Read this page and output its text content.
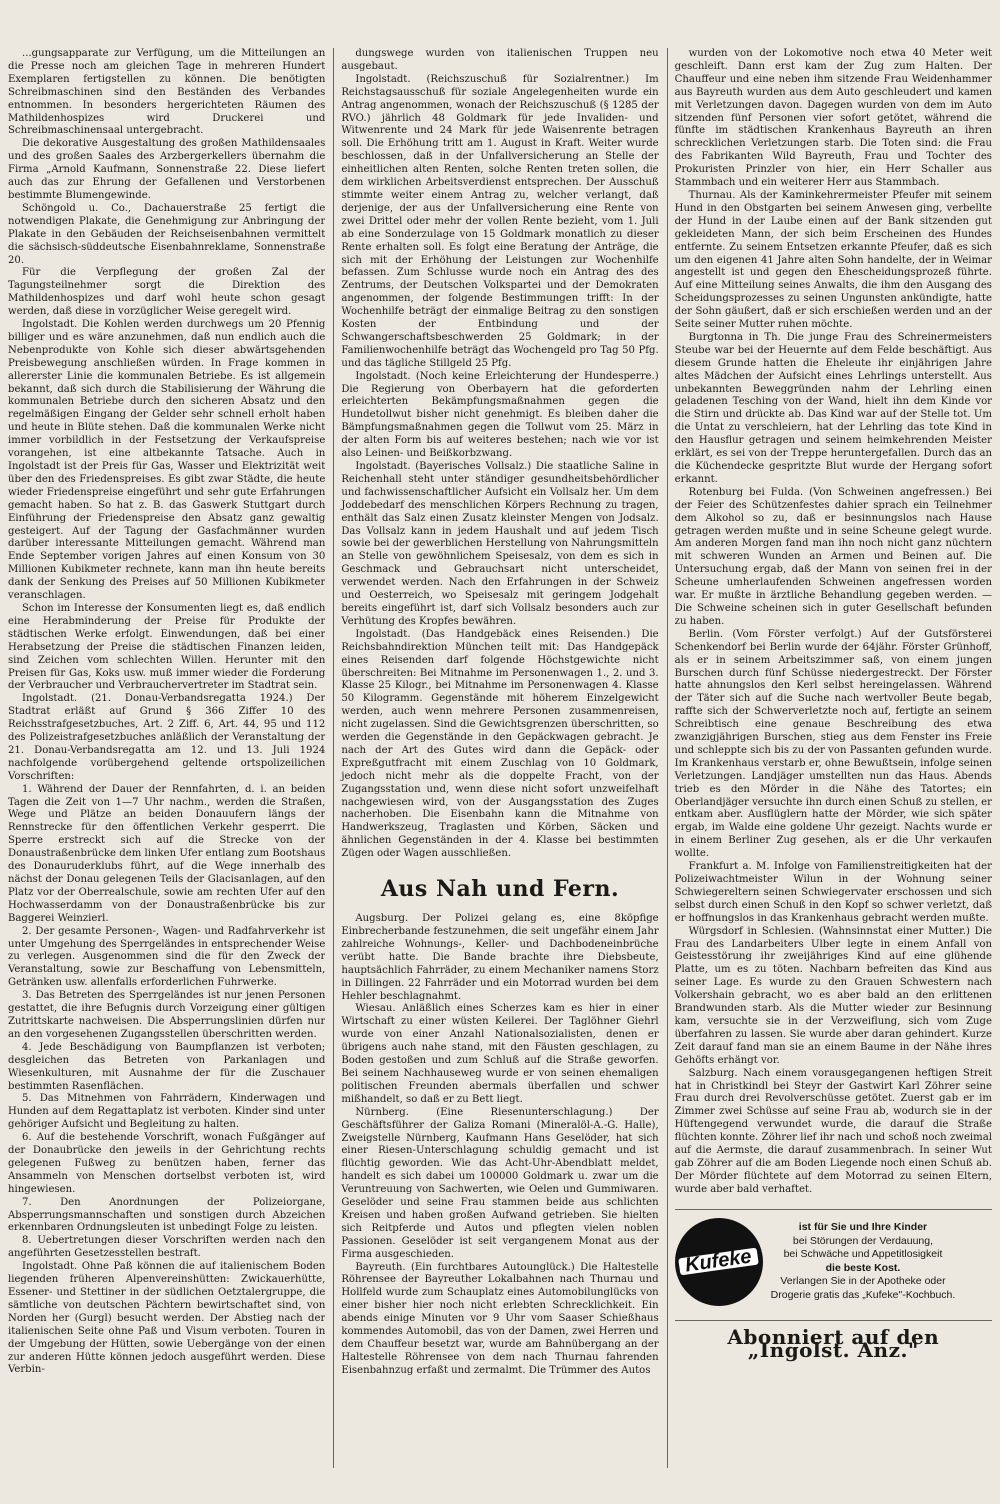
...gungsapparate zur Verfügung, um die Mitteilungen an die Presse noch am gleichen Tage in mehreren Hundert Exemplaren fertigstellen zu können. Die benötigten Schreibmaschinen sind den Beständen des Verbandes entnommen. In besonders hergerichteten Räumen des Mathildenhospizes wird Druckerei und Schreibmaschinensaal untergebracht.

Die dekorative Ausgestaltung des großen Mathildensaales und des großen Saales des Arzbergerkellers übernahm die Firma „Arnold Kaufmann, Sonnenstraße 22. Diese liefert auch das zur Ehrung der Gefallenen und Verstorbenen bestimmte Blumengewinde.

Schöngold u. Co., Dachauerstraße 25 fertigt die notwendigen Plakate, die Genehmigung zur Anbringung der Plakate in den Gebäuden der Reichseisenbahnen vermittelt die sächsisch-süddeutsche Eisenbahnreklame, Sonnenstraße 20.

Für die Verpflegung der großen Zal der Tagungsteilnehmer sorgt die Direktion des Mathildenhospizes und darf wohl heute schon gesagt werden, daß diese in vorzüglicher Weise geregelt wird.

Ingolstadt. Die Kohlen werden durchwegs um 20 Pfennig billiger und es wäre anzunehmen, daß nun endlich auch die Nebenprodukte von Kohle sich dieser abwärtsgehenden Preisbewegung anschließen würden. In Frage kommen in allererster Linie die kommunalen Betriebe. Es ist allgemein bekannt, daß sich durch die Stabilisierung der Währung die kommunalen Betriebe durch den sicheren Absatz und den regelmäßigen Eingang der Gelder sehr schnell erholt haben und heute in Blüte stehen. Daß die kommunalen Werke nicht immer vorbildlich in der Festsetzung der Verkaufspreise vorangehen, ist eine altbekannte Tatsache. Auch in Ingolstadt ist der Preis für Gas, Wasser und Elektrizität weit über den des Friedenspreises. Es gibt zwar Städte, die heute wieder Friedenspreise eingeführt und sehr gute Erfahrungen gemacht haben. So hat z. B. das Gaswerk Stuttgart durch Einführung der Friedenspreise den Absatz ganz gewaltig gesteigert. Auf der Tagung der Gasfachmänner wurden darüber interessante Mitteilungen gemacht. Während man Ende September vorigen Jahres auf einen Konsum von 30 Millionen Kubikmeter rechnete, kann man ihn heute bereits dank der Senkung des Preises auf 50 Millionen Kubikmeter veranschlagen.

Schon im Interesse der Konsumenten liegt es, daß endlich eine Herabminderung der Preise für Produkte der städtischen Werke erfolgt. Einwendungen, daß bei einer Herabsetzung der Preise die städtischen Finanzen leiden, sind Zeichen vom schlechten Willen. Herunter mit den Preisen für Gas, Koks usw. muß immer wieder die Forderung der Verbraucher und Verbrauchervertreter im Stadtrat sein.

Ingolstadt. (21. Donau-Verbandsregatta 1924.) Der Stadtrat erläßt auf Grund § 366 Ziffer 10 des Reichsstrafgesetzbuches, Art. 2 Ziff. 6, Art. 44, 95 und 112 des Polizeistrafgesetzbuches anläßlich der Veranstaltung der 21. Donau-Verbandsregatta am 12. und 13. Juli 1924 nachfolgende vorübergehend geltende ortspolizeilichen Vorschriften:

1. Während der Dauer der Rennfahrten, d. i. an beiden Tagen die Zeit von 1—7 Uhr nachm., werden die Straßen, Wege und Plätze an beiden Donauufern längs der Rennstrecke für den öffentlichen Verkehr gesperrt. Die Sperre erstreckt sich auf die Strecke von der Donaustraßenbrücke dem linken Ufer entlang zum Bootshaus des Donauruderklubs führt, auf die Wege innerhalb des nächst der Donau gelegenen Teils der Glacisanlagen, auf den Platz vor der Oberrealschule, sowie am rechten Ufer auf den Hochwasserdamm von der Donaustraßenbrücke bis zur Baggerei Weinzierl.

2. Der gesamte Personen-, Wagen- und Radfahrverkehr ist unter Umgehung des Sperrgeländes in entsprechender Weise zu verlegen. Ausgenommen sind die für den Zweck der Veranstaltung, sowie zur Beschaffung von Lebensmitteln, Getränken usw. allenfalls erforderlichen Fuhrwerke.

3. Das Betreten des Sperrgeländes ist nur jenen Personen gestattet, die ihre Befugnis durch Vorzeigung einer gültigen Zutrittskarte nachweisen. Die Absperrungslinien dürfen nur an den vorgesehenen Zugangsstellen überschritten werden.

4. Jede Beschädigung von Baumpflanzen ist verboten; desgleichen das Betreten von Parkanlagen und Wiesenkulturen, mit Ausnahme der für die Zuschauer bestimmten Rasenflächen.

5. Das Mitnehmen von Fahrrädern, Kinderwagen und Hunden auf dem Regattaplatz ist verboten. Kinder sind unter gehöriger Aufsicht und Begleitung zu halten.

6. Auf die bestehende Vorschrift, wonach Fußgänger auf der Donaubrücke den jeweils in der Gehrichtung rechts gelegenen Fußweg zu benützen haben, ferner das Ansammeln von Menschen dortselbst verboten ist, wird hingewiesen.

7. Den Anordnungen der Polizeiorgane, Absperrungsmannschaften und sonstigen durch Abzeichen erkennbaren Ordnungsleuten ist unbedingt Folge zu leisten.

8. Uebertretungen dieser Vorschriften werden nach den angeführten Gesetzesstellen bestraft.

Ingolstadt. Ohne Paß können die auf italienischem Boden liegenden früheren Alpenvereinshütten: Zwickauerhütte, Essener- und Stettiner in der südlichen Oetztalergruppe, die sämtliche von deutschen Pächtern bewirtschaftet sind, von Norden her (Gurgl) besucht werden. Der Abstieg nach der italienischen Seite ohne Paß und Visum verboten. Touren in der Umgebung der Hütten, sowie Uebergänge von der einen zur anderen Hütte können jedoch ausgeführt werden. Diese Verbin-

dungswege wurden von italienischen Truppen neu ausgebaut.

Ingolstadt. (Reichszuschuß für Sozialrentner.) Im Reichstagsausschuß für soziale Angelegenheiten wurde ein Antrag angenommen, wonach der Reichszuschuß (§ 1285 der RVO.) jährlich 48 Goldmark für jede Invaliden- und Witwenrente und 24 Mark für jede Waisenrente betragen soll. Die Erhöhung tritt am 1. August in Kraft. Weiter wurde beschlossen, daß in der Unfallversicherung an Stelle der einheitlichen alten Renten, solche Renten treten sollen, die dem wirklichen Arbeitsverdienst entsprechen. Der Ausschuß stimmte weiter einem Antrag zu, welcher verlangt, daß derjenige, der aus der Unfallversicherung eine Rente von zwei Drittel oder mehr der vollen Rente bezieht, vom 1. Juli ab eine Sonderzulage von 15 Goldmark monatlich zu dieser Rente erhalten soll. Es folgt eine Beratung der Anträge, die sich mit der Erhöhung der Leistungen zur Wochenhilfe befassen. Zum Schlusse wurde noch ein Antrag des des Zentrums, der Deutschen Volkspartei und der Demokraten angenommen, der folgende Bestimmungen trifft: In der Wochenhilfe beträgt der einmalige Beitrag zu den sonstigen Kosten der Entbindung und der Schwangerschaftsbeschwerden 25 Goldmark; in der Familienwochenhilfe beträgt das Wochengeld pro Tag 50 Pfg. und das tägliche Stillgeld 25 Pfg.

Ingolstadt. (Noch keine Erleichterung der Hundesperre.) Die Regierung von Oberbayern hat die geforderten erleichterten Bekämpfungsmaßnahmen gegen die Hundetollwut bisher nicht genehmigt. Es bleiben daher die Bämpfungsmaßnahmen gegen die Tollwut vom 25. März in der alten Form bis auf weiteres bestehen; nach wie vor ist also Leinen- und Beißkorbzwang.

Ingolstadt. (Bayerisches Vollsalz.) Die staatliche Saline in Reichenhall steht unter ständiger gesundheitsbehördlicher und fachwissenschaftlicher Aufsicht ein Vollsalz her. Um dem Joddebedarf des menschlichen Körpers Rechnung zu tragen, enthält das Salz einen Zusatz kleinster Mengen von Jodsalz. Das Vollsalz kann in jedem Haushalt und auf jedem Tisch sowie bei der gewerblichen Herstellung von Nahrungsmitteln an Stelle von gewöhnlichem Speisesalz, von dem es sich in Geschmack und Gebrauchsart nicht unterscheidet, verwendet werden. Nach den Erfahrungen in der Schweiz und Oesterreich, wo Speisesalz mit geringem Jodgehalt bereits eingeführt ist, darf sich Vollsalz besonders auch zur Verhütung des Kropfes bewähren.

Ingolstadt. (Das Handgebäck eines Reisenden.) Die Reichsbahndirektion München teilt mit: Das Handgepäck eines Reisenden darf folgende Höchstgewichte nicht überschreiten: Bei Mitnahme im Personenwagen 1., 2. und 3. Klasse 25 Kilogr., bei Mitnahme im Personenwagen 4. Klasse 50 Kilogramm. Gegenstände mit höherem Einzelgewicht werden, auch wenn mehrere Personen zusammenreisen, nicht zugelassen. Sind die Gewichtsgrenzen überschritten, so werden die Gegenstände in den Gepäckwagen gebracht. Je nach der Art des Gutes wird dann die Gepäck- oder Expreßgutfracht mit einem Zuschlag von 10 Goldmark, jedoch nicht mehr als die doppelte Fracht, von der Zugangsstation und, wenn diese nicht sofort unzweifelhaft nachgewiesen wird, von der Ausgangsstation des Zuges nacherhoben. Die Eisenbahn kann die Mitnahme von Handwerkszeug, Traglasten und Körben, Säcken und ähnlichen Gegenständen in der 4. Klasse bei bestimmten Zügen oder Wagen ausschließen.

Aus Nah und Fern.

Augsburg. Der Polizei gelang es, eine 8köpfige Einbrecherbande festzunehmen, die seit ungefähr einem Jahr zahlreiche Wohnungs-, Keller- und Dachbodeneinbrüche verübt hatte. Die Bande brachte ihre Diebsbeute, hauptsächlich Fahrräder, zu einem Mechaniker namens Storz in Dillingen. 22 Fahrräder und ein Motorrad wurden bei dem Hehler beschlagnahmt.

Wiesau. Anläßlich eines Scherzes kam es hier in einer Wirtschaft zu einer wüsten Keilerei. Der Taglöhner Giehrl wurde von einer Anzahl Nationalsozialisten, denen er übrigens auch nahe stand, mit den Fäusten geschlagen, zu Boden gestoßen und zum Schluß auf die Straße geworfen. Bei seinem Nachhauseweg wurde er von seinen ehemaligen politischen Freunden abermals überfallen und schwer mißhandelt, so daß er zu Bett liegt.

Nürnberg. (Eine Riesenunterschlagung.) Der Geschäftsführer der Galiza Romani (Mineralöl-A.-G. Halle), Zweigstelle Nürnberg, Kaufmann Hans Geselöder, hat sich einer Riesen-Unterschlagung schuldig gemacht und ist flüchtig geworden. Wie das Acht-Uhr-Abendblatt meldet, handelt es sich dabei um 100000 Goldmark u. zwar um die Veruntreuung von Sachwerten, wie Oelen und Gummiwaren. Geselöder und seine Frau stammen beide aus schlichten Kreisen und haben großen Aufwand getrieben. Sie hielten sich Reitpferde und Autos und pflegten vielen noblen Passionen. Geselöder ist seit vergangenem Monat aus der Firma ausgeschieden.

Bayreuth. (Ein furchtbares Autounglück.) Die Haltestelle Röhrensee der Bayreuther Lokalbahnen nach Thurnau und Hollfeld wurde zum Schauplatz eines Automobilunglücks von einer bisher hier noch nicht erlebten Schrecklichkeit. Ein abends einige Minuten vor 9 Uhr vom Saaser Schießhaus kommendes Automobil, das von der Damen, zwei Herren und dem Chauffeur besetzt war, wurde am Bahnübergang an der Haltestelle Röhrensee von dem nach Thurnau fahrenden Eisenbahnzug erfaßt und zermalmt. Die Trümmer des Autos

wurden von der Lokomotive noch etwa 40 Meter weit geschleift. Dann erst kam der Zug zum Halten. Der Chauffeur und eine neben ihm sitzende Frau Weidenhammer aus Bayreuth wurden aus dem Auto geschleudert und kamen mit Verletzungen davon. Dagegen wurden von dem im Auto sitzenden fünf Personen vier sofort getötet, während die fünfte im städtischen Krankenhaus Bayreuth an ihren schrecklichen Verletzungen starb. Die Toten sind: die Frau des Fabrikanten Wild Bayreuth, Frau und Tochter des Prokuristen Prinzler von hier, ein Herr Schaller aus Stammbach und ein weiterer Herr aus Stammbach.

Thurnau. Als der Kaminkehrermeister Pfeufer mit seinem Hund in den Obstgarten bei seinem Anwesen ging, verbellte der Hund in der Laube einen auf der Bank sitzenden gut gekleideten Mann, der sich beim Erscheinen des Hundes entfernte. Zu seinem Entsetzen erkannte Pfeufer, daß es sich um den eigenen 41 Jahre alten Sohn handelte, der in Weimar angestellt ist und gegen den Ehescheidungsprozeß führte. Auf eine Mitteilung seines Anwalts, die ihm den Ausgang des Scheidungsprozesses zu seinen Ungunsten ankündigte, hatte der Sohn gäußert, daß er sich erschießen werden und an der Seite seiner Mutter ruhen möchte.

Burgtonna in Th. Die junge Frau des Schreinermeisters Steube war bei der Heuernte auf dem Felde beschäftigt. Aus diesem Grunde hatten die Eheleute ihr einjährigen Jahre altes Mädchen der Aufsicht eines Lehrlings unterstellt. Aus unbekannten Beweggründen nahm der Lehrling einen geladenen Tesching von der Wand, hielt ihn dem Kinde vor die Stirn und drückte ab. Das Kind war auf der Stelle tot. Um die Untat zu verschleiern, hat der Lehrling das tote Kind in den Hausflur getragen und seinem heimkehrenden Meister erklärt, es sei von der Treppe heruntergefallen. Durch das an die Küchendecke gespritzte Blut wurde der Hergang sofort erkannt.

Rotenburg bei Fulda. (Von Schweinen angefressen.) Bei der Feier des Schützenfestes dahier sprach ein Teilnehmer dem Alkohol so zu, daß er besinnungslos nach Hause getragen werden mußte und in seine Scheune gelegt wurde. Am anderen Morgen fand man ihn noch nicht ganz nüchtern mit schweren Wunden an Armen und Beinen auf. Die Untersuchung ergab, daß der Mann von seinen frei in der Scheune umherlaufenden Schweinen angefressen worden war. Er mußte in ärztliche Behandlung gegeben werden. — Die Schweine scheinen sich in guter Gesellschaft befunden zu haben.

Berlin. (Vom Förster verfolgt.) Auf der Gutsförsterei Schenkendorf bei Berlin wurde der 64jähr. Förster Grünhoff, als er in seinem Arbeitszimmer saß, von einem jungen Burschen durch fünf Schüsse niedergestreckt. Der Förster hatte ahnungslos den Kerl selbst hereingelassen. Während der Täter sich auf die Suche nach wertvoller Beute begab, raffte sich der Schwerverletzte noch auf, fertigte an seinem Schreibtisch eine genaue Beschreibung des etwa zwanzigjährigen Burschen, stieg aus dem Fenster ins Freie und schleppte sich bis zu der von Passanten gefunden wurde. Im Krankenhaus verstarb er, ohne Bewußtsein, infolge seinen Verletzungen. Landjäger umstellten nun das Haus. Abends trieb es den Mörder in die Nähe des Tatortes; ein Oberlandjäger versuchte ihn durch einen Schuß zu stellen, er entkam aber. Ausflüglern hatte der Mörder, wie sich später ergab, im Walde eine goldene Uhr gezeigt. Nachts wurde er in einem Berliner Zug gesehen, als er die Uhr verkaufen wollte.

Frankfurt a. M. Infolge von Familienstreitigkeiten hat der Polizeiwachtmeister Wilun in der Wohnung seiner Schwiegereltern seinen Schwiegervater erschossen und sich selbst durch einen Schuß in den Kopf so schwer verletzt, daß er hoffnungslos in das Krankenhaus gebracht werden mußte.

Würgsdorf in Schlesien. (Wahnsinnstat einer Mutter.) Die Frau des Landarbeiters Ulber legte in einem Anfall von Geistesstörung ihr zweijähriges Kind auf eine glühende Platte, um es zu töten. Nachbarn befreiten das Kind aus seiner Lage. Es wurde zu den Grauen Schwestern nach Volkershain gebracht, wo es aber bald an den erlittenen Brandwunden starb. Als die Mutter wieder zur Besinnung kam, versuchte sie in der Verzweiflung, sich vom Zuge überfahren zu lassen. Sie wurde aber daran gehindert. Kurze Zeit darauf fand man sie an einem Baume in der Nähe ihres Gehöfts erhängt vor.

Salzburg. Nach einem vorausgegangenen heftigen Streit hat in Christkindl bei Steyr der Gastwirt Karl Zöhrer seine Frau durch drei Revolverschüsse getötet. Zuerst gab er im Zimmer zwei Schüsse auf seine Frau ab, wodurch sie in der Hüftengegend verwundet wurde, die darauf die Straße flüchten konnte. Zöhrer lief ihr nach und schoß noch zweimal auf die Aermste, die darauf zusammenbrach. In seiner Wut gab Zöhrer auf die am Boden Liegende noch einen Schuß ab. Der Mörder flüchtete auf dem Motorrad zu seinen Eltern, wurde aber bald verhaftet.

Kufeke
ist für Sie und Ihre Kinder
bei Störungen der Verdauung,
bei Schwäche und Appetitlosigkeit
die beste Kost.
Verlangen Sie in der Apotheke oder
Drogerie gratis das „Kufeke"-Kochbuch.
Abonniert auf den „Ingolst. Anz."
